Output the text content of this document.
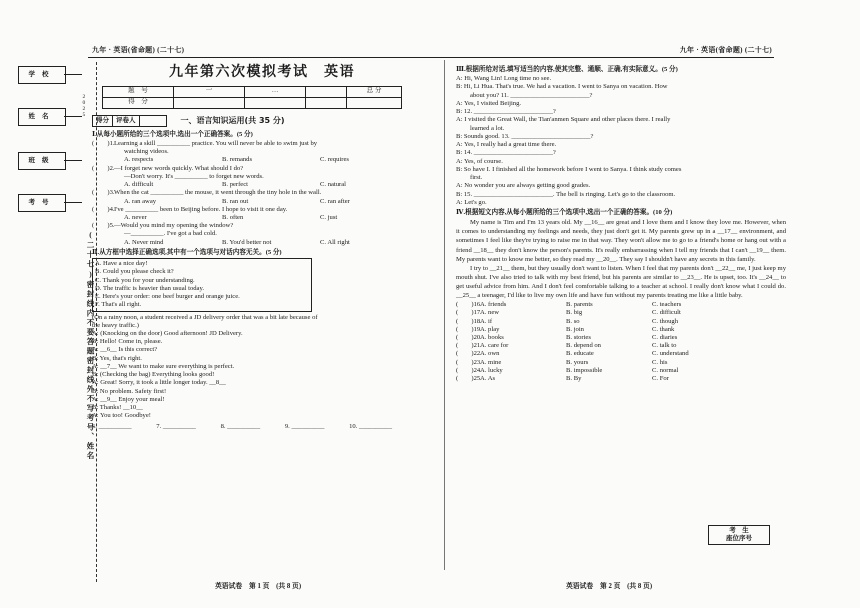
九年 · 英语(省命题) (二十七)	九年 · 英语(省命题) (二十七)
2025
学校
姓名
班级
考号
(二十七)密封线内不要答题密封线外不写考号、姓名
九年第六次模拟考试　英语
题　号	一	…		总 分
得　分				
得分	评卷人	一、语言知识运用(共 35 分)
Ⅰ.从每小题所给的三个选项中,选出一个正确答案。(5 分)
(　　)1. Learning a skill __________ practice. You will never be able to swim just by
watching videos.
A. respects	B. remands	C. requires
(　　)2. —I forget new words quickly. What should I do?
—Don't worry. It's __________ to forget new words.
A. difficult	B. perfect	C. natural
(　　)3. When the cat __________ the mouse, it went through the tiny hole in the wall.
A. ran away	B. ran out	C. ran after
(　　)4. I've __________ been to Beijing before. I hope to visit it one day.
A. never	B. often	C. just
(　　)5. —Would you mind my opening the window?
—__________. I've got a bad cold.
A. Never mind	B. You'd better not	C. All right
Ⅱ.从方框中选择正确选项,其中有一个选项与对话内容无关。(5 分)
A. Have a nice day!
B. Could you please check it?
C. Thank you for your understanding.
D. The traffic is heavier than usual today.
E. Here's your order: one beef burger and orange juice.
F. That's all right.
(On a rainy noon, a student received a JD delivery order that was a bit late because of
the heavy traffic.)
A: (Knocking on the door) Good afternoon! JD Delivery.
B: Hello! Come in, please.
A: __6__ Is this correct?
B: Yes, that's right.
A: __7__ We want to make sure everything is perfect.
B: (Checking the bag) Everything looks good!
A: Great! Sorry, it took a little longer today. __8__
B: No problem. Safety first!
A: __9__ Enjoy your meal!
B: Thanks! __10__
A: You too! Goodbye!
6. __________	7. __________	8. __________	9. __________	10. __________
英语试卷　第 1 页　(共 8 页)
Ⅲ.根据所给对话,填写适当的内容,使其完整、通顺、正确,有实际意义。(5 分)
A: Hi, Wang Lin! Long time no see.
B: Hi, Li Hua. That's true. We had a vacation. I went to Sanya on vacation. How
about you? 11. ________________________?
A: Yes, I visited Beijing.
B: 12. ________________________?
A: I visited the Great Wall, the Tian'anmen Square and other places there. I really
learned a lot.
B: Sounds good. 13. ________________________?
A: Yes, I really had a great time there.
B: 14. ________________________?
A: Yes, of course.
B: So have I. I finished all the homework before I went to Sanya. I think study comes
first.
A: No wonder you are always getting good grades.
B: 15. ________________________. The bell is ringing. Let's go to the classroom.
A: Let's go.
Ⅳ.根据短文内容,从每小题所给的三个选项中,选出一个正确的答案。(10 分)

My name is Tim and I'm 13 years old. My __16__ are great and I love them and I know they love me. However, when it comes to understanding my feelings and needs, they just don't get it. My parents grew up in a __17__ environment, and sometimes I feel like they're trying to raise me in that way. They won't allow me to go to a friend's home or hang out with a friend __18__ they don't know the person's parents. It's really embarrassing when I tell my friends that I can't __19__ them. My parents want to know me better, so they read my __20__. They say I shouldn't have any secrets in this family.

I try to __21__ them, but they usually don't want to listen. When I feel that my parents don't __22__ me, I just keep my mouth shut. I've also tried to talk with my best friend, but his parents are similar to __23__. He is upset, too. It's __24__ to get useful advice from him. And I don't feel comfortable talking to a teacher at school. I really don't know what I could do. __25__ a teenager, I'd like to live my own life and have fun without my parents treating me like a little baby.

(　　)16.
A. friends	B. parents	C. teachers
(　　)17.
A. new	B. big	C. difficult
(　　)18.
A. if	B. so	C. though
(　　)19.
A. play	B. join	C. thank
(　　)20.
A. books	B. stories	C. diaries
(　　)21.
A. care for	B. depend on	C. talk to
(　　)22.
A. own	B. educate	C. understand
(　　)23.
A. mine	B. yours	C. his
(　　)24.
A. lucky	B. impossible	C. normal
(　　)25.
A. As	B. By	C. For
考　生
座位序号
英语试卷　第 2 页　(共 8 页)
